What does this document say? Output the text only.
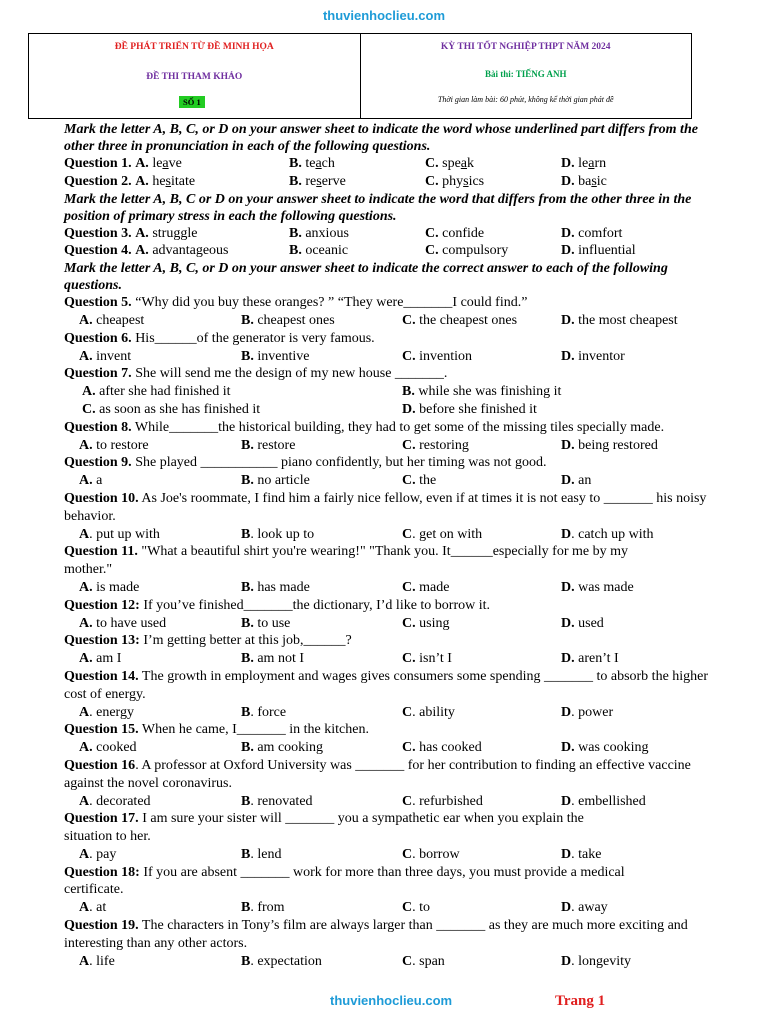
thuvienhoclieu.com
ĐỀ PHÁT TRIỂN TỪ ĐỀ MINH HỌA
ĐỀ THI THAM KHẢO
SỐ 1
KỲ THI TỐT NGHIỆP THPT NĂM 2024
Bài thi: TIẾNG ANH
Thời gian làm bài: 60 phút, không kể thời gian phát đề
Mark the letter A, B, C, or D on your answer sheet to indicate the word whose underlined part differs from the other three in pronunciation in each of the following questions.
Question 1. A. leave	B. teach	C. speak	D. learn
Question 2. A. hesitate	B. reserve	C. physics	D. basic
Mark the letter A, B, C or D on your answer sheet to indicate the word that differs from the other three in the position of primary stress in each the following questions.
Question 3. A. struggle	B. anxious	C. confide	D. comfort
Question 4. A. advantageous	B. oceanic	C. compulsory	D. influential
Mark the letter A, B, C, or D on your answer sheet to indicate the correct answer to each of the following questions.
Question 5. “Why did you buy these oranges? ” “They were_______I could find.”
A. cheapest	B. cheapest ones	C. the cheapest ones	D. the most cheapest
Question 6. His______of the generator is very famous.
A. invent	B. inventive	C. invention	D. inventor
Question 7. She will send me the design of my new house _______.
A. after she had finished it	B. while she was finishing it
C. as soon as she has finished it	D. before she finished it
Question 8. While_______the historical building, they had to get some of the missing tiles specially made.
A. to restore	B. restore	C. restoring	D. being restored
Question 9. She played ___________ piano confidently, but her timing was not good.
A. a	B. no article	C. the	D. an
Question 10. As Joe's roommate, I find him a fairly nice fellow, even if at times it is not easy to _______ his noisy behavior.
A. put up with	B. look up to	C. get on with	D. catch up with
Question 11. "What a beautiful shirt you're wearing!" "Thank you. It______especially for me by my mother."
A. is made	B. has made	C. made	D. was made
Question 12: If you’ve finished_______the dictionary, I’d like to borrow it.
A. to have used	B. to use	C. using	D. used
Question 13: I’m getting better at this job,______?
A. am I	B. am not I	C. isn’t I	D. aren’t I
Question 14. The growth in employment and wages gives consumers some spending _______ to absorb the higher cost of energy.
A. energy	B. force	C. ability	D. power
Question 15. When he came, I_______ in the kitchen.
A. cooked	B. am cooking	C. has cooked	D. was cooking
Question 16. A professor at Oxford University was _______ for her contribution to finding an effective vaccine against the novel coronavirus.
A. decorated	B. renovated	C. refurbished	D. embellished
Question 17. I am sure your sister will _______ you a sympathetic ear when you explain the situation to her.
A. pay	B. lend	C. borrow	D. take
Question 18: If you are absent _______ work for more than three days, you must provide a medical certificate.
A. at	B. from	C. to	D. away
Question 19. The characters in Tony’s film are always larger than _______ as they are much more exciting and interesting than any other actors.
A. life	B. expectation	C. span	D. longevity
thuvienhoclieu.com	Trang 1
